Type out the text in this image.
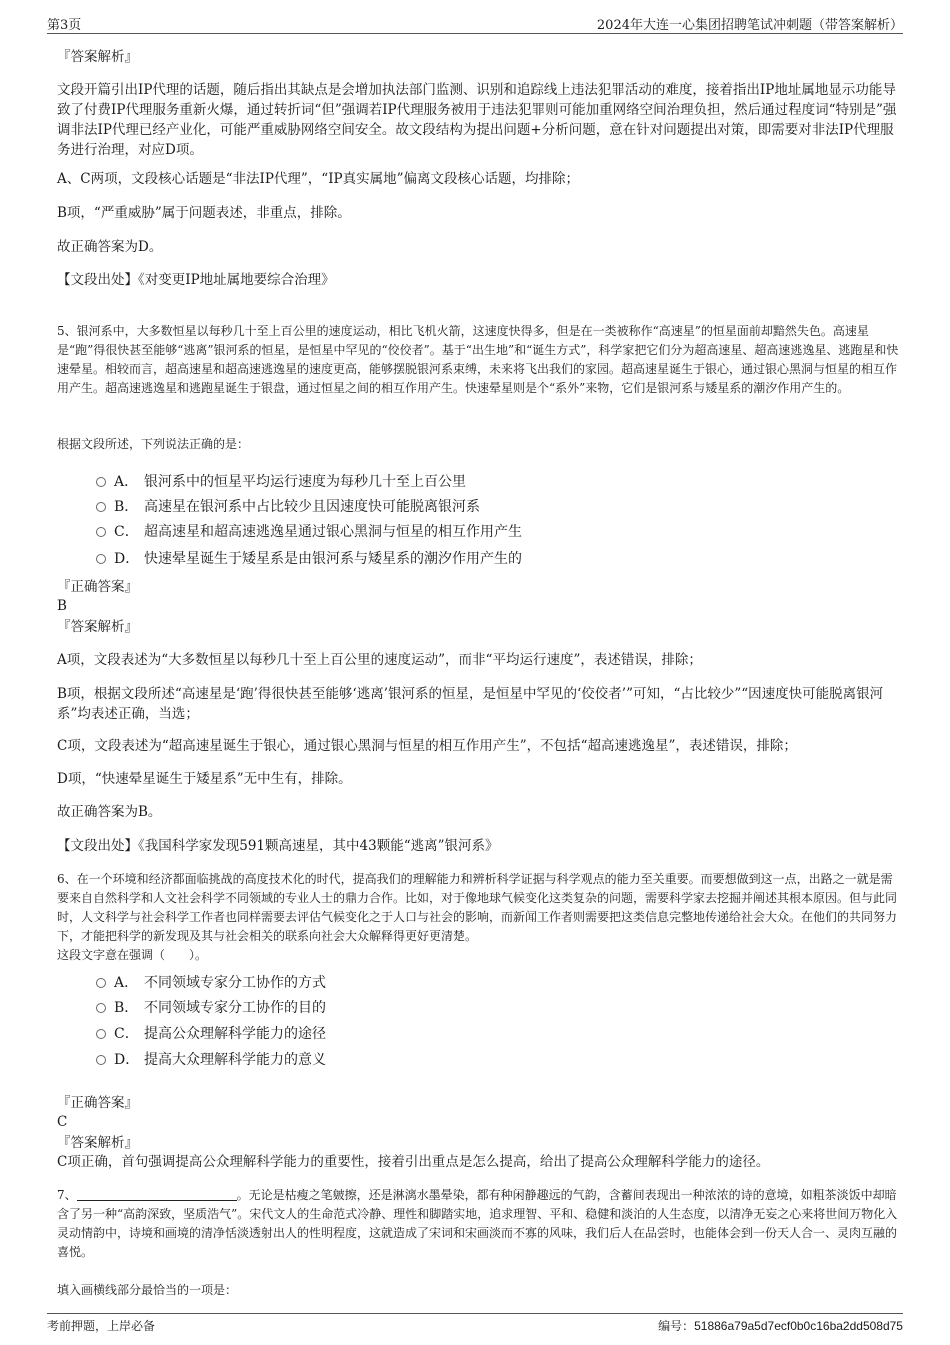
第3页	2024年大连一心集团招聘笔试冲刺题（带答案解析）
『答案解析』
文段开篇引出IP代理的话题，随后指出其缺点是会增加执法部门监测、识别和追踪线上违法犯罪活动的难度，接着指出IP地址属地显示功能导致了付费IP代理服务重新火爆，通过转折词“但”强调若IP代理服务被用于违法犯罪则可能加重网络空间治理负担，然后通过程度词“特别是”强调非法IP代理已经产业化，可能严重威胁网络空间安全。故文段结构为提出问题+分析问题，意在针对问题提出对策，即需要对非法IP代理服务进行治理，对应D项。
A、C两项，文段核心话题是“非法IP代理”，“IP真实属地”偏离文段核心话题，均排除；
B项，“严重威胁”属于问题表述，非重点，排除。
故正确答案为D。
【文段出处】《对变更IP地址属地要综合治理》
5、银河系中，大多数恒星以每秒几十至上百公里的速度运动，相比飞机火箭，这速度快得多，但是在一类被称作“高速星”的恒星面前却黯然失色。高速星是“跑”得很快甚至能够“逃离”银河系的恒星，是恒星中罕见的“佼佼者”。基于“出生地”和“诞生方式”，科学家把它们分为超高速星、超高速逃逸星、逃跑星和快速晕星。相较而言，超高速星和超高速逃逸星的速度更高，能够摆脱银河系束缚，未来将飞出我们的家园。超高速星诞生于银心，通过银心黑洞与恒星的相互作用产生。超高速逃逸星和逃跑星诞生于银盘，通过恒星之间的相互作用产生。快速晕星则是个“系外”来物，它们是银河系与矮星系的潮汐作用产生的。
根据文段所述，下列说法正确的是：
A． 银河系中的恒星平均运行速度为每秒几十至上百公里
B． 高速星在银河系中占比较少且因速度快可能脱离银河系
C． 超高速星和超高速逃逸星通过银心黑洞与恒星的相互作用产生
D． 快速晕星诞生于矮星系是由银河系与矮星系的潮汐作用产生的
『正确答案』
B
『答案解析』
A项，文段表述为“大多数恒星以每秒几十至上百公里的速度运动”，而非“平均运行速度”，表述错误，排除；
B项，根据文段所述“高速星是‘跑’得很快甚至能够‘逃离’银河系的恒星，是恒星中罕见的‘佼佼者’”可知，“占比较少”“因速度快可能脱离银河系”均表述正确，当选；
C项，文段表述为“超高速星诞生于银心，通过银心黑洞与恒星的相互作用产生”，不包括“超高速逃逸星”，表述错误，排除；
D项，“快速晕星诞生于矮星系”无中生有，排除。
故正确答案为B。
【文段出处】《我国科学家发现591颗高速星，其中43颗能“逃离”银河系》
6、在一个环境和经济都面临挑战的高度技术化的时代，提高我们的理解能力和辨析科学证据与科学观点的能力至关重要。而要想做到这一点，出路之一就是需要来自自然科学和人文社会科学不同领域的专业人士的鼎力合作。比如，对于像地球气候变化这类复杂的问题，需要科学家去挖掘并阐述其根本原因。但与此同时，人文科学与社会科学工作者也同样需要去评估气候变化之于人口与社会的影响，而新闻工作者则需要把这类信息完整地传递给社会大众。在他们的共同努力下，才能把科学的新发现及其与社会相关的联系向社会大众解释得更好更清楚。
这段文字意在强调（　　）。
A． 不同领域专家分工协作的方式
B． 不同领域专家分工协作的目的
C． 提高公众理解科学能力的途径
D． 提高大众理解科学能力的意义
『正确答案』
C
『答案解析』
C项正确，首句强调提高公众理解科学能力的重要性，接着引出重点是怎么提高，给出了提高公众理解科学能力的途径。
7、	。无论是枯瘦之笔皴擦，还是淋漓水墨晕染，都有种闲静趣远的气韵，含蓄间表现出一种浓浓的诗的意境，如粗茶淡饭中却暗含了另一种“高韵深致，坚质浩气”。宋代文人的生命范式冷静、理性和脚踏实地，追求理智、平和、稳健和淡泊的人生态度，以清净无妄之心来将世间万物化入灵动情韵中，诗境和画境的清净恬淡透射出人的性明程度，这就造成了宋词和宋画淡而不寡的风味，我们后人在品尝时，也能体会到一份天人合一、灵肉互融的喜悦。
填入画横线部分最恰当的一项是：
考前押题，上岸必备	编号：51886a79a5d7ecf0b0c16ba2dd508d75
